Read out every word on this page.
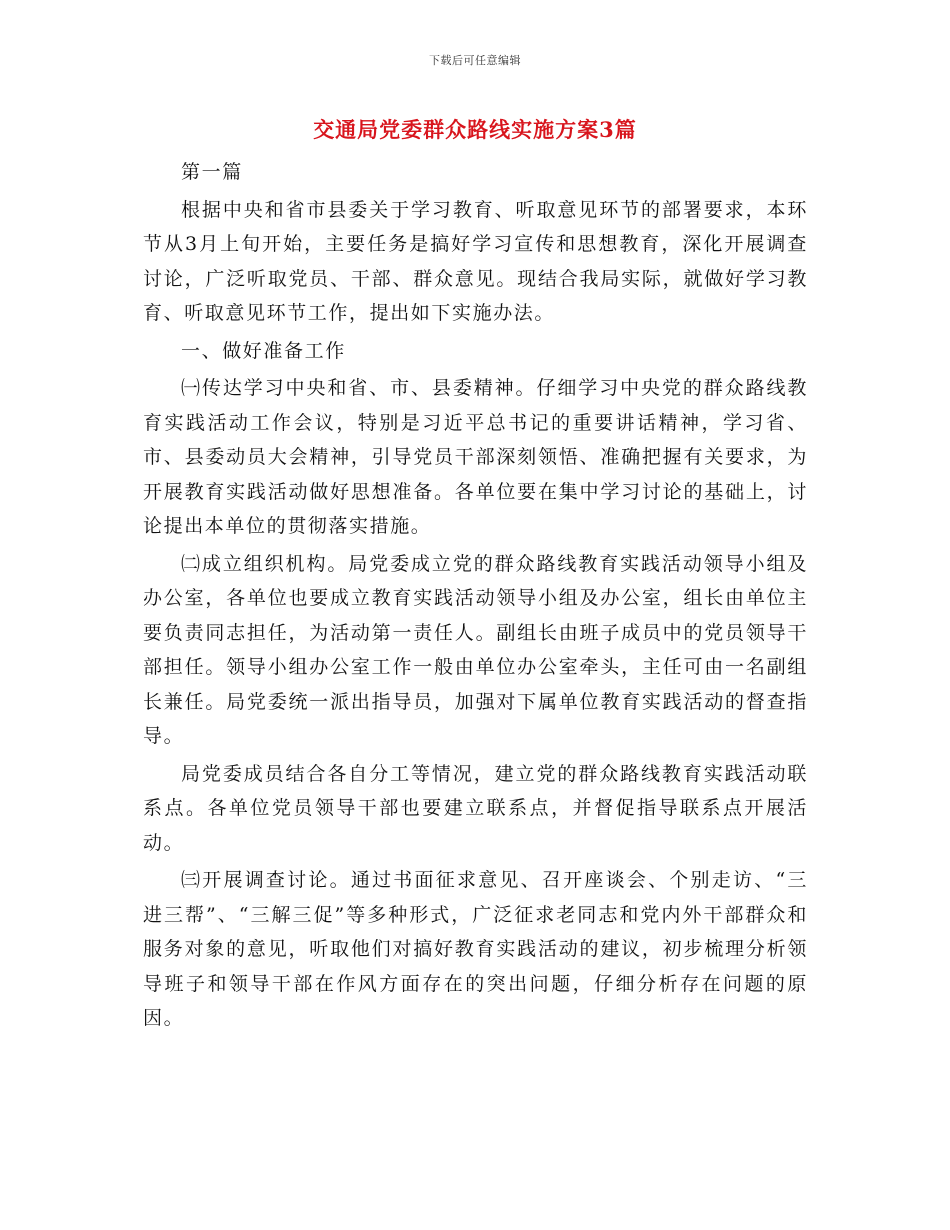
下载后可任意编辑
交通局党委群众路线实施方案3篇

第一篇

根据中央和省市县委关于学习教育、听取意见环节的部署要求，本环节从3月上旬开始，主要任务是搞好学习宣传和思想教育，深化开展调查讨论，广泛听取党员、干部、群众意见。现结合我局实际，就做好学习教育、听取意见环节工作，提出如下实施办法。

一、做好准备工作

㈠传达学习中央和省、市、县委精神。仔细学习中央党的群众路线教育实践活动工作会议，特别是习近平总书记的重要讲话精神，学习省、市、县委动员大会精神，引导党员干部深刻领悟、准确把握有关要求，为开展教育实践活动做好思想准备。各单位要在集中学习讨论的基础上，讨论提出本单位的贯彻落实措施。

㈡成立组织机构。局党委成立党的群众路线教育实践活动领导小组及办公室，各单位也要成立教育实践活动领导小组及办公室，组长由单位主要负责同志担任，为活动第一责任人。副组长由班子成员中的党员领导干部担任。领导小组办公室工作一般由单位办公室牵头，主任可由一名副组长兼任。局党委统一派出指导员，加强对下属单位教育实践活动的督查指导。

局党委成员结合各自分工等情况，建立党的群众路线教育实践活动联系点。各单位党员领导干部也要建立联系点，并督促指导联系点开展活动。

㈢开展调查讨论。通过书面征求意见、召开座谈会、个别走访、“三进三帮”、“三解三促”等多种形式，广泛征求老同志和党内外干部群众和服务对象的意见，听取他们对搞好教育实践活动的建议，初步梳理分析领导班子和领导干部在作风方面存在的突出问题，仔细分析存在问题的原因。
